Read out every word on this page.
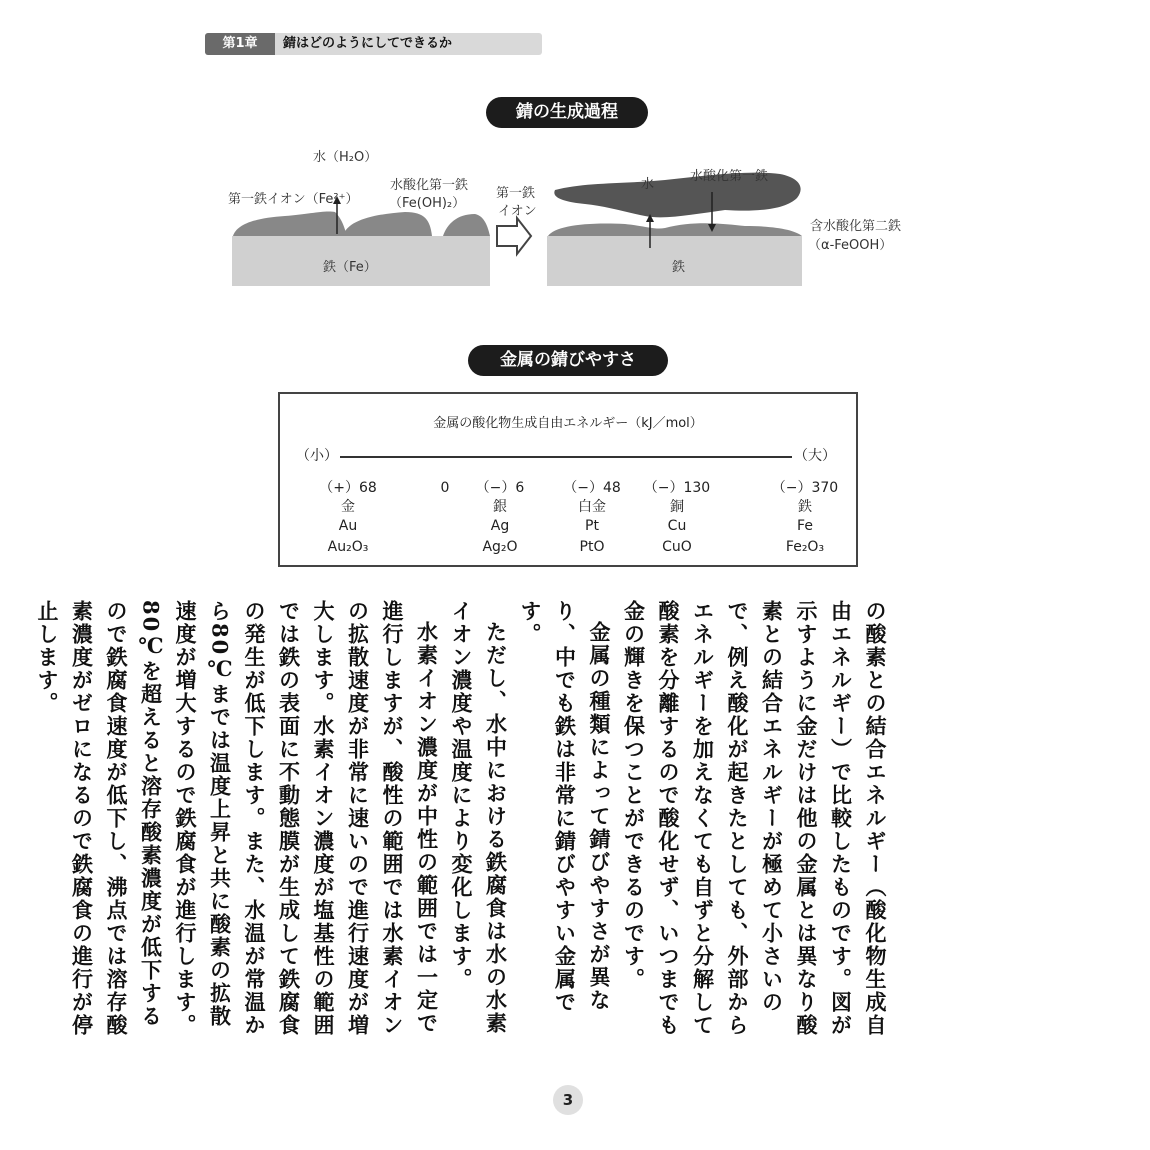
第1章	錆はどのようにしてできるか
錆の生成過程
水（H₂O）
第一鉄イオン（Fe²⁺）
水酸化第一鉄
（Fe(OH)₂）
鉄（Fe）
第一鉄
イオン
水
水酸化第一鉄
含水酸化第二鉄
（α-FeOOH）
鉄
金属の錆びやすさ
金属の酸化物生成自由エネルギー（kJ／mol）
（小）	（大）
（+）68
金
Au
Au₂O₃
0	（−）6
銀
Ag
Ag₂O
（−）48
白金
Pt
PtO
（−）130
銅
Cu
CuO
（−）370
鉄
Fe
Fe₂O₃

の酸素との結合エネルギー（酸化物生成自由エネルギー）で比較したものです。図が示すように金だけは他の金属とは異なり酸素との結合エネルギーが極めて小さいので、例え酸化が起きたとしても、外部からエネルギーを加えなくても自ずと分解して酸素を分離するので酸化せず、いつまでも金の輝きを保つことができるのです。

金属の種類によって錆びやすさが異なり、中でも鉄は非常に錆びやすい金属です。

ただし、水中における鉄腐食は水の水素イオン濃度や温度により変化します。

水素イオン濃度が中性の範囲では一定で進行しますが、酸性の範囲では水素イオンの拡散速度が非常に速いので進行速度が増大します。水素イオン濃度が塩基性の範囲では鉄の表面に不動態膜が生成して鉄腐食の発生が低下します。また、水温が常温から80℃までは温度上昇と共に酸素の拡散速度が増大するので鉄腐食が進行します。80℃を超えると溶存酸素濃度が低下するので鉄腐食速度が低下し、沸点では溶存酸素濃度がゼロになるので鉄腐食の進行が停止します。

3
